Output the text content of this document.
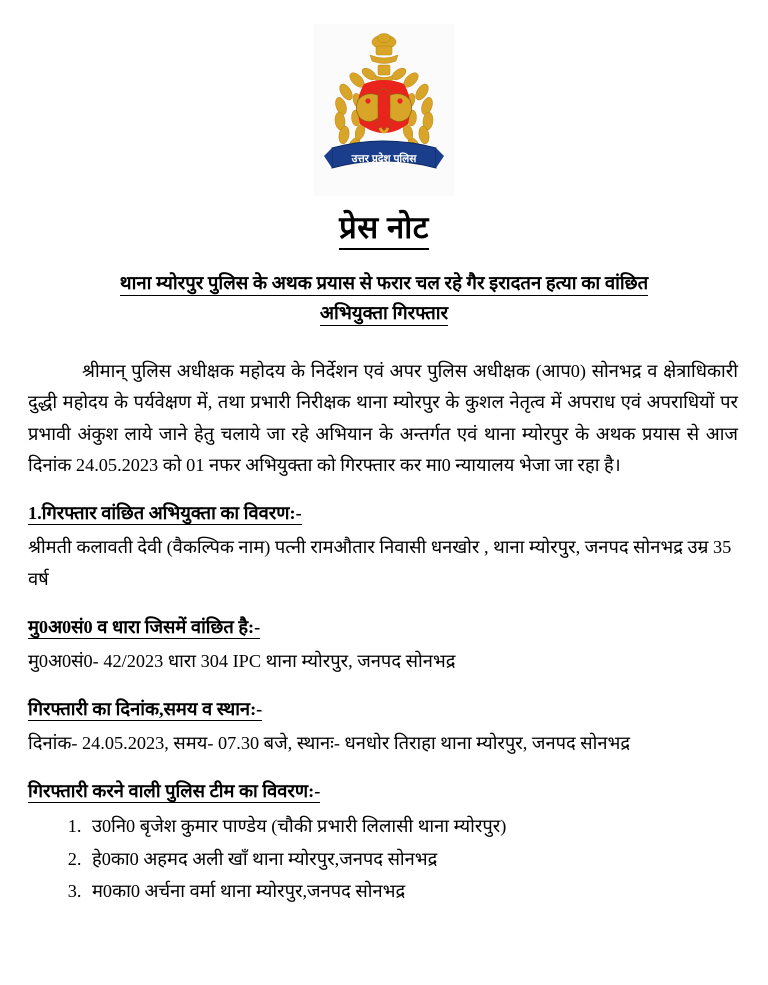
उत्तर प्रदेश पुलिस
प्रेस नोट
थाना म्योरपुर पुलिस के अथक प्रयास से फरार चल रहे गैर इरादतन हत्या का वांछित
अभियुक्ता गिरफ्तार

श्रीमान् पुलिस अधीक्षक महोदय के निर्देशन एवं अपर पुलिस अधीक्षक (आप0) सोनभद्र व क्षेत्राधिकारी दुद्धी महोदय के पर्यवेक्षण में, तथा प्रभारी निरीक्षक थाना म्योरपुर के कुशल नेतृत्व में अपराध एवं अपराधियों पर प्रभावी अंकुश लाये जाने हेतु चलाये जा रहे अभियान के अन्तर्गत एवं थाना म्योरपुर के अथक प्रयास से आज दिनांक 24.05.2023 को 01 नफर अभियुक्ता को गिरफ्तार कर मा0 न्यायालय भेजा जा रहा है।

1.गिरफ्तार वांछित अभियुक्ता का विवरण:-
श्रीमती कलावती देवी (वैकल्पिक नाम) पत्नी रामऔतार निवासी धनखोर , थाना म्योरपुर, जनपद सोनभद्र उम्र 35 वर्ष
मु0अ0सं0 व धारा जिसमें वांछित है:-
मु0अ0सं0- 42/2023 धारा 304 IPC थाना म्योरपुर, जनपद सोनभद्र
गिरफ्तारी का दिनांक,समय व स्थान:-
दिनांक- 24.05.2023, समय- 07.30 बजे, स्थानः- धनधोर तिराहा थाना म्योरपुर, जनपद सोनभद्र
गिरफ्तारी करने वाली पुलिस टीम का विवरण:-
1. उ0नि0 बृजेश कुमार पाण्डेय (चौकी प्रभारी लिलासी थाना म्योरपुर)
2. हे0का0 अहमद अली खाँ थाना म्योरपुर,जनपद सोनभद्र
3. म0का0 अर्चना वर्मा थाना म्योरपुर,जनपद सोनभद्र
